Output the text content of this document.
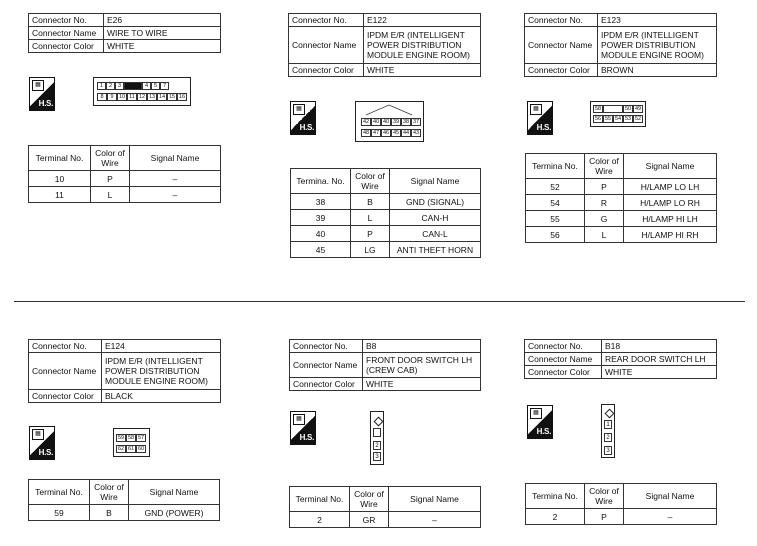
Connector No.	E26
Connector Name	WIRE TO WIRE
Connector Color	WHITE
▦
H.S.
1	2	3	4	5	7
8	9 10 11 12 13 14 15 16
Terminal No.	Color of Wire	Signal Name
10	P	–
11	L	–
Connector No.	E122
Connector Name	IPDM E/R (INTELLIGENT POWER DISTRIBUTION MODULE ENGINE ROOM)
Connector Color	WHITE
▦
H.S.
42 40 40 39 38 37
48 47 46 45 44 43
Termina. No.	Color of Wire	Signal Name
38	B	GND (SIGNAL)
39	L	CAN-H
40	P	CAN-L
45	LG	ANTI THEFT HORN
Connector No.	E123
Connector Name	IPDM E/R (INTELLIGENT POWER DISTRIBUTION MODULE ENGINE ROOM)
Connector Color	BROWN
▦
H.S.
58	50 49
56 55 54 53 52
Termina No.	Color of Wire	Signal Name
52	P	H/LAMP LO LH
54	R	H/LAMP LO RH
55	G	H/LAMP HI LH
56	L	H/LAMP HI RH
Connector No.	E124
Connector Name	IPDM E/R (INTELLIGENT POWER DISTRIBUTION MODULE ENGINE ROOM)
Connector Color	BLACK
▦
H.S.
59 58 57
62 61 60
Terminal No.	Color of Wire	Signal Name
59	B	GND (POWER)
Connector No.	B8
Connector Name	FRONT DOOR SWITCH LH (CREW CAB)
Connector Color	WHITE
▦
H.S.
2
3
Terminal No.	Color of Wire	Signal Name
2	GR	–
Connector No.	B18
Connector Name	REAR DOOR SWITCH LH
Connector Color	WHITE
▦
H.S.
1
2
3
Termina No.	Color of Wire	Signal Name
2	P	–
